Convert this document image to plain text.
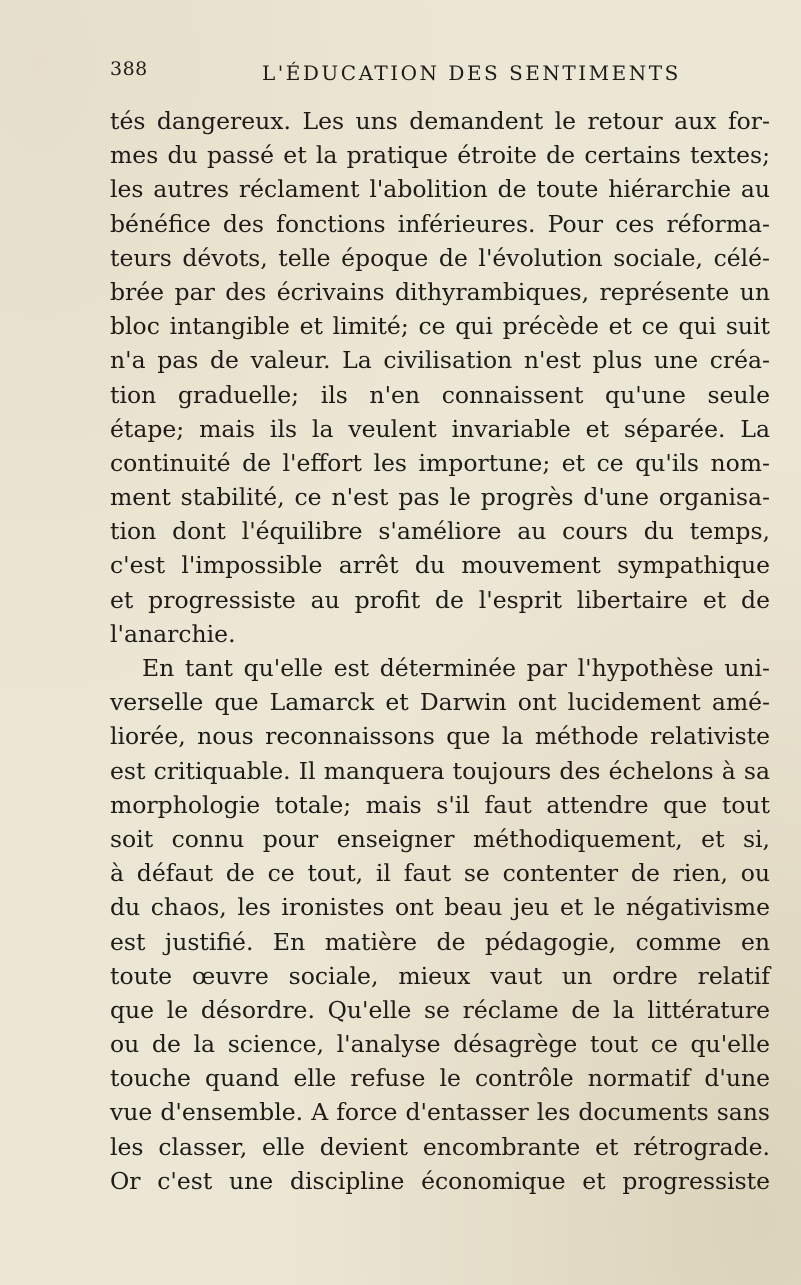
388	L'ÉDUCATION DES SENTIMENTS
tés dangereux. Les uns demandent le retour aux for-
mes du passé et la pratique étroite de certains textes;
les autres réclament l'abolition de toute hiérarchie au
bénéfice des fonctions inférieures. Pour ces réforma-
teurs dévots, telle époque de l'évolution sociale, célé-
brée par des écrivains dithyrambiques, représente un
bloc intangible et limité; ce qui précède et ce qui suit
n'a pas de valeur. La civilisation n'est plus une créa-
tion graduelle; ils n'en connaissent qu'une seule
étape; mais ils la veulent invariable et séparée. La
continuité de l'effort les importune; et ce qu'ils nom-
ment stabilité, ce n'est pas le progrès d'une organisa-
tion dont l'équilibre s'améliore au cours du temps,
c'est l'impossible arrêt du mouvement sympathique
et progressiste au profit de l'esprit libertaire et de
l'anarchie.
En tant qu'elle est déterminée par l'hypothèse uni-
verselle que Lamarck et Darwin ont lucidement amé-
liorée, nous reconnaissons que la méthode relativiste
est critiquable. Il manquera toujours des échelons à sa
morphologie totale; mais s'il faut attendre que tout
soit connu pour enseigner méthodiquement, et si,
à défaut de ce tout, il faut se contenter de rien, ou
du chaos, les ironistes ont beau jeu et le négativisme
est justifié. En matière de pédagogie, comme en
toute œuvre sociale, mieux vaut un ordre relatif
que le désordre. Qu'elle se réclame de la littérature
ou de la science, l'analyse désagrège tout ce qu'elle
touche quand elle refuse le contrôle normatif d'une
vue d'ensemble. A force d'entasser les documents sans
les classer, elle devient encombrante et rétrograde.
Or c'est une discipline économique et progressiste
